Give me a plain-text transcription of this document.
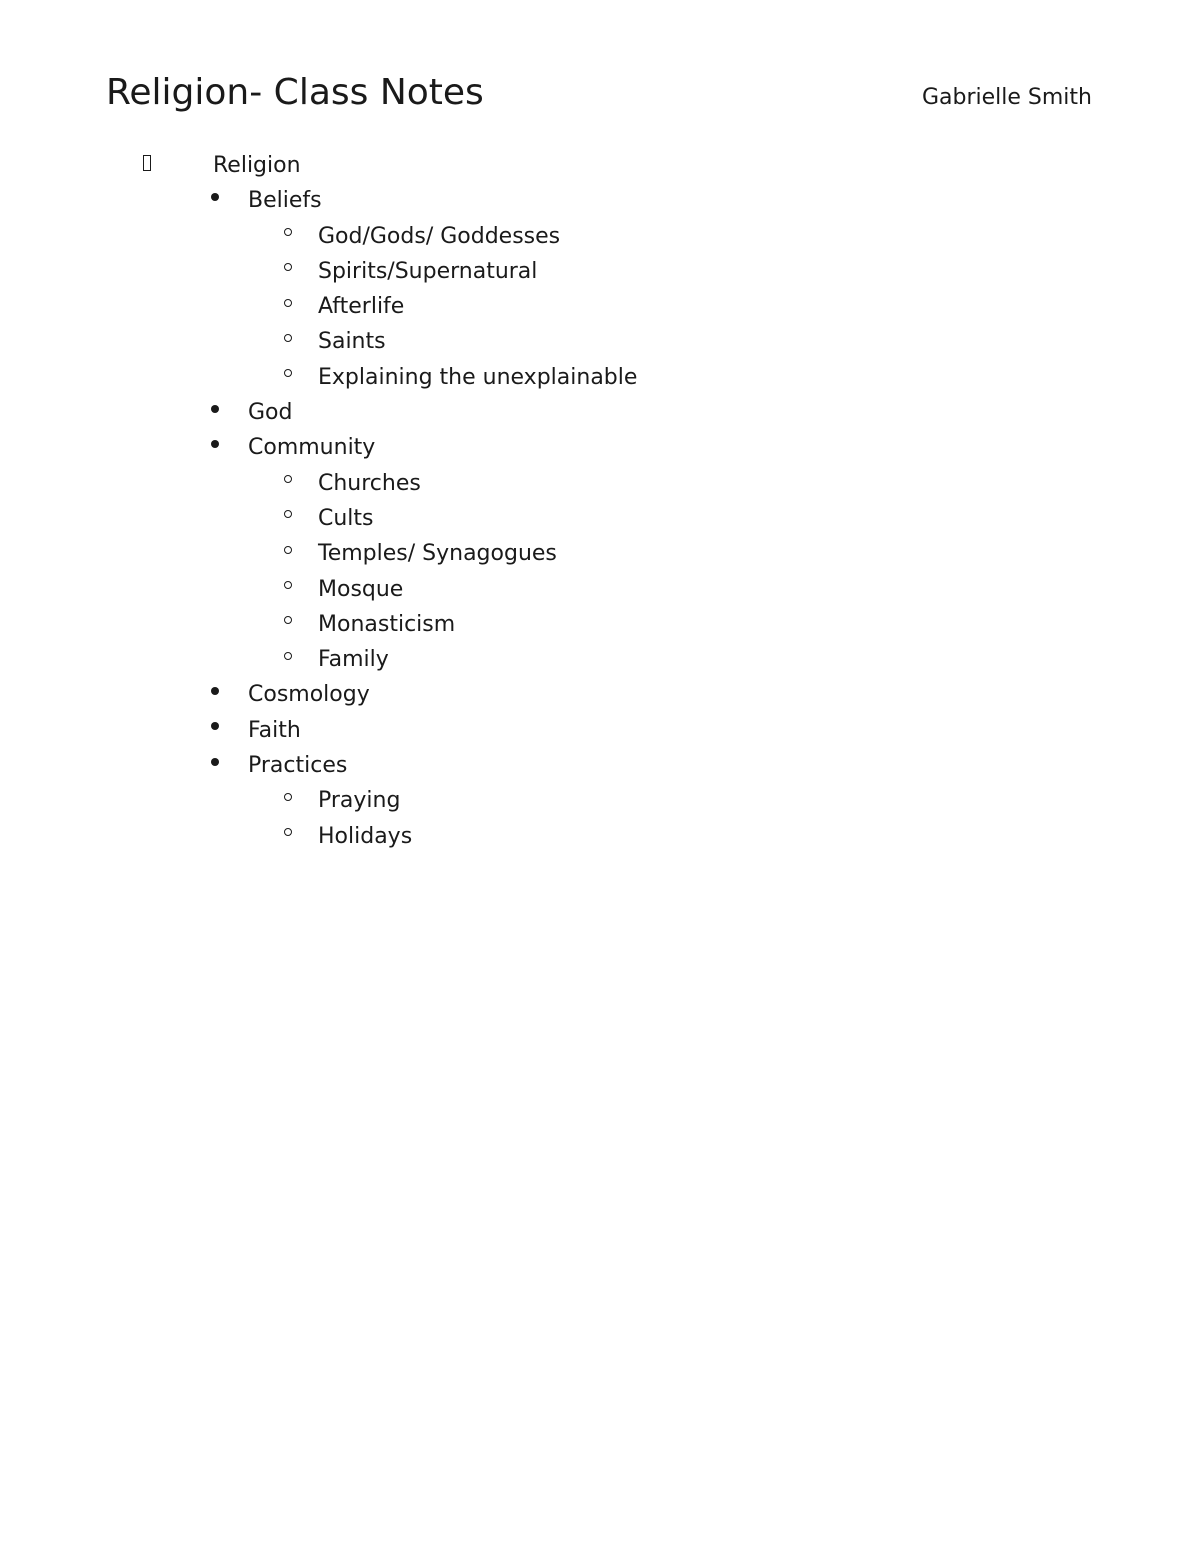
Religion- Class Notes	Gabrielle Smith
Religion
Beliefs
God/Gods/ Goddesses
Spirits/Supernatural
Afterlife
Saints
Explaining the unexplainable
God
Community
Churches
Cults
Temples/ Synagogues
Mosque
Monasticism
Family
Cosmology
Faith
Practices
Praying
Holidays
